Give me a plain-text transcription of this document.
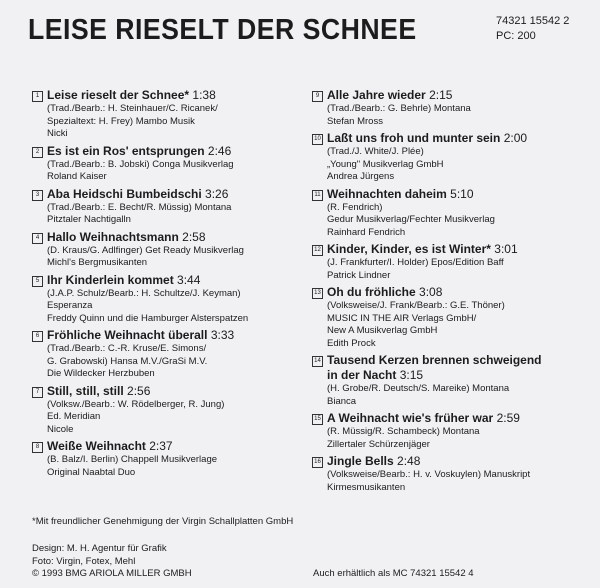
LEISE RIESELT DER SCHNEE	74321 15542 2
PC: 200
1 Leise rieselt der Schnee* 1:38
(Trad./Bearb.: H. Steinhauer/C. Ricanek/
Spezialtext: H. Frey) Mambo Musik
Nicki
2 Es ist ein Ros' entsprungen 2:46
(Trad./Bearb.: B. Jobski) Conga Musikverlag
Roland Kaiser
3 Aba Heidschi Bumbeidschi 3:26
(Trad./Bearb.: E. Becht/R. Müssig) Montana
Pitztaler Nachtigalln
4 Hallo Weihnachtsmann 2:58
(D. Kraus/G. Adlfinger) Get Ready Musikverlag
Michl's Bergmusikanten
5 Ihr Kinderlein kommet 3:44
(J.A.P. Schulz/Bearb.: H. Schultze/J. Keyman)
Esperanza
Freddy Quinn und die Hamburger Alsterspatzen
6 Fröhliche Weihnacht überall 3:33
(Trad./Bearb.: C.-R. Kruse/E. Simons/
G. Grabowski) Hansa M.V./GraSi M.V.
Die Wildecker Herzbuben
7 Still, still, still 2:56
(Volksw./Bearb.: W. Rödelberger, R. Jung)
Ed. Meridian
Nicole
8 Weiße Weihnacht 2:37
(B. Balz/I. Berlin) Chappell Musikverlage
Original Naabtal Duo
9 Alle Jahre wieder 2:15
(Trad./Bearb.: G. Behrle) Montana
Stefan Mross
10 Laßt uns froh und munter sein 2:00
(Trad./J. White/J. Plée)
„Young" Musikverlag GmbH
Andrea Jürgens
11 Weihnachten daheim 5:10
(R. Fendrich)
Gedur Musikverlag/Fechter Musikverlag
Rainhard Fendrich
12 Kinder, Kinder, es ist Winter* 3:01
(J. Frankfurter/I. Holder) Epos/Edition Baff
Patrick Lindner
13 Oh du fröhliche 3:08
(Volksweise/J. Frank/Bearb.: G.E. Thöner)
MUSIC IN THE AIR Verlags GmbH/
New A Musikverlag GmbH
Edith Prock
14 Tausend Kerzen brennen schweigend
in der Nacht 3:15
(H. Grobe/R. Deutsch/S. Mareike) Montana
Bianca
15 A Weihnacht wie's früher war 2:59
(R. Müssig/R. Schambeck) Montana
Zillertaler Schürzenjäger
16 Jingle Bells 2:48
(Volksweise/Bearb.: H. v. Voskuylen) Manuskript
Kirmesmusikanten
*Mit freundlicher Genehmigung der Virgin Schallplatten GmbH
Design: M. H. Agentur für Grafik
Foto: Virgin, Fotex, Mehl
© 1993 BMG ARIOLA MILLER GMBH	Auch erhältlich als MC 74321 15542 4
